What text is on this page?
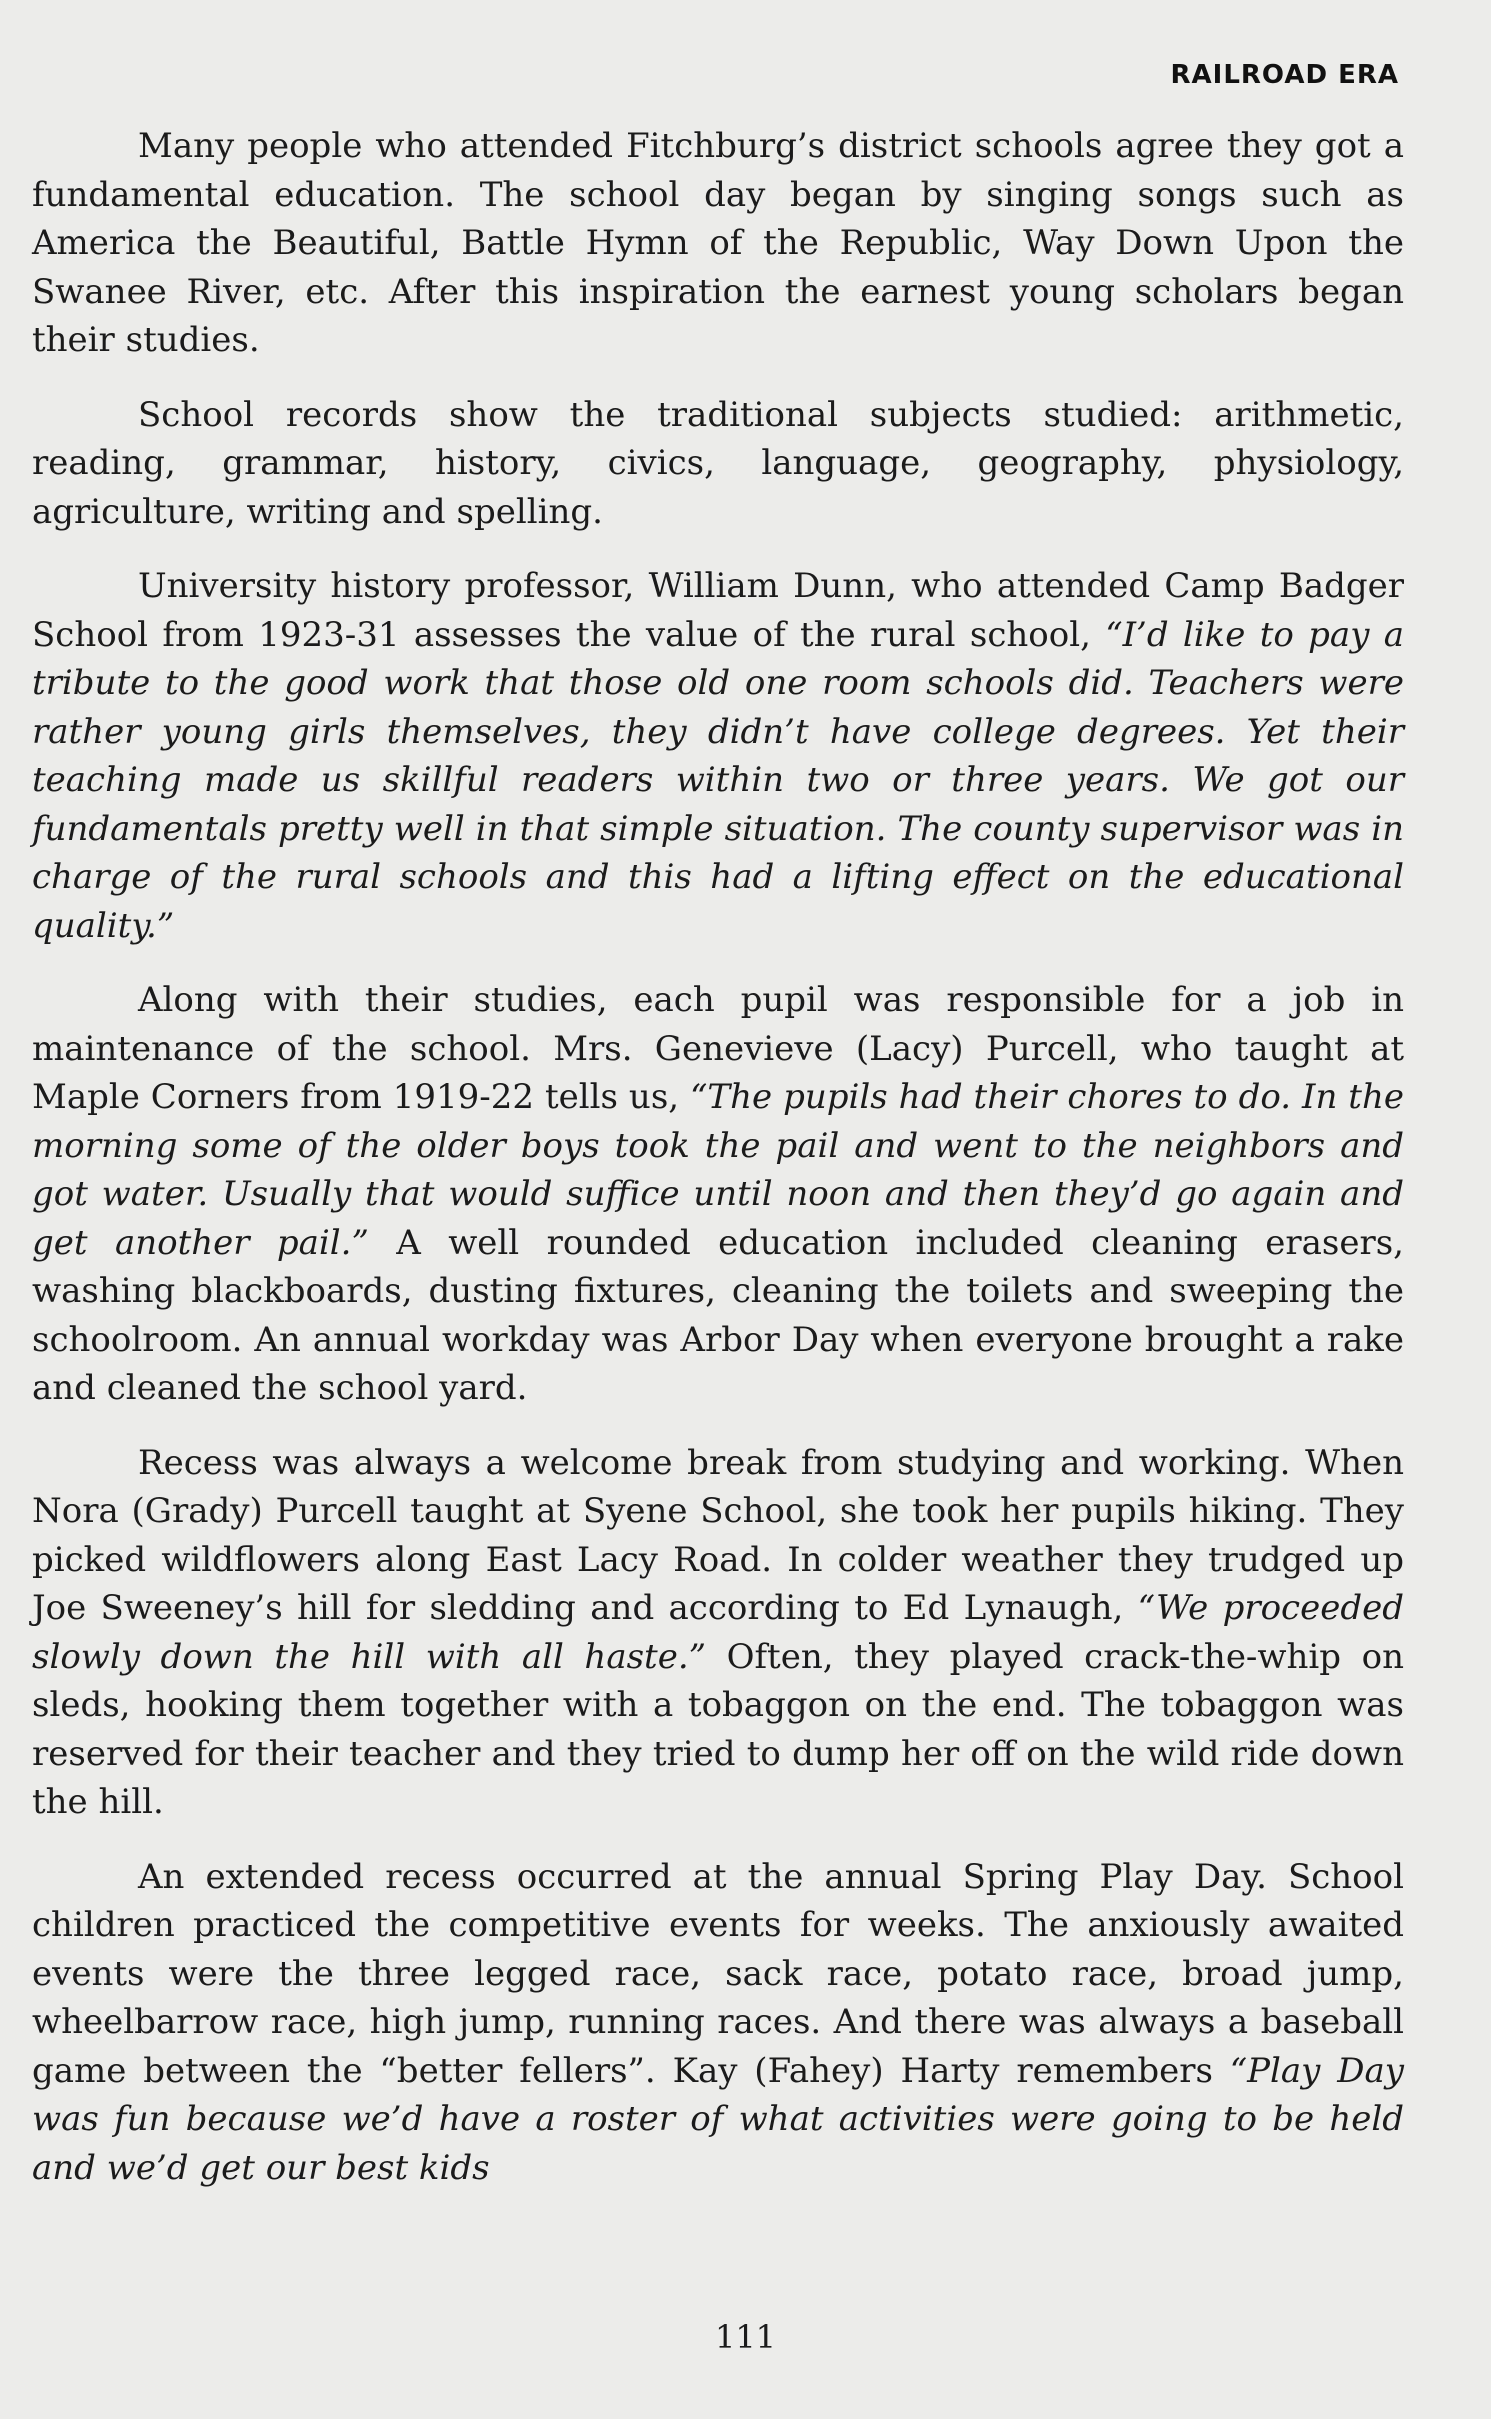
RAILROAD ERA

Many people who attended Fitchburg’s district schools agree they got a fundamental education. The school day began by singing songs such as America the Beautiful, Battle Hymn of the Republic, Way Down Upon the Swanee River, etc. After this inspiration the earnest young scholars began their studies.

School records show the traditional subjects studied: arithmetic, reading, grammar, history, civics, language, geography, physiology, agriculture, writing and spelling.

University history professor, William Dunn, who attended Camp Badger School from 1923-31 assesses the value of the rural school, “I’d like to pay a tribute to the good work that those old one room schools did. Teachers were rather young girls themselves, they didn’t have college degrees. Yet their teaching made us skillful readers within two or three years. We got our fundamentals pretty well in that simple situation. The county supervisor was in charge of the rural schools and this had a lifting effect on the educational quality.”

Along with their studies, each pupil was responsible for a job in maintenance of the school. Mrs. Genevieve (Lacy) Purcell, who taught at Maple Corners from 1919-22 tells us, “The pupils had their chores to do. In the morning some of the older boys took the pail and went to the neighbors and got water. Usually that would suffice until noon and then they’d go again and get another pail.” A well rounded education included cleaning erasers, washing blackboards, dusting fixtures, cleaning the toilets and sweeping the schoolroom. An annual workday was Arbor Day when everyone brought a rake and cleaned the school yard.

Recess was always a welcome break from studying and working. When Nora (Grady) Purcell taught at Syene School, she took her pupils hiking. They picked wildflowers along East Lacy Road. In colder weather they trudged up Joe Sweeney’s hill for sledding and according to Ed Lynaugh, “We proceeded slowly down the hill with all haste.” Often, they played crack-the-whip on sleds, hooking them together with a tobaggon on the end. The tobaggon was reserved for their teacher and they tried to dump her off on the wild ride down the hill.

An extended recess occurred at the annual Spring Play Day. School children practiced the competitive events for weeks. The anxiously awaited events were the three legged race, sack race, potato race, broad jump, wheelbarrow race, high jump, running races. And there was always a baseball game between the “better fellers”. Kay (Fahey) Harty remembers “Play Day was fun because we’d have a roster of what activities were going to be held and we’d get our best kids

111
